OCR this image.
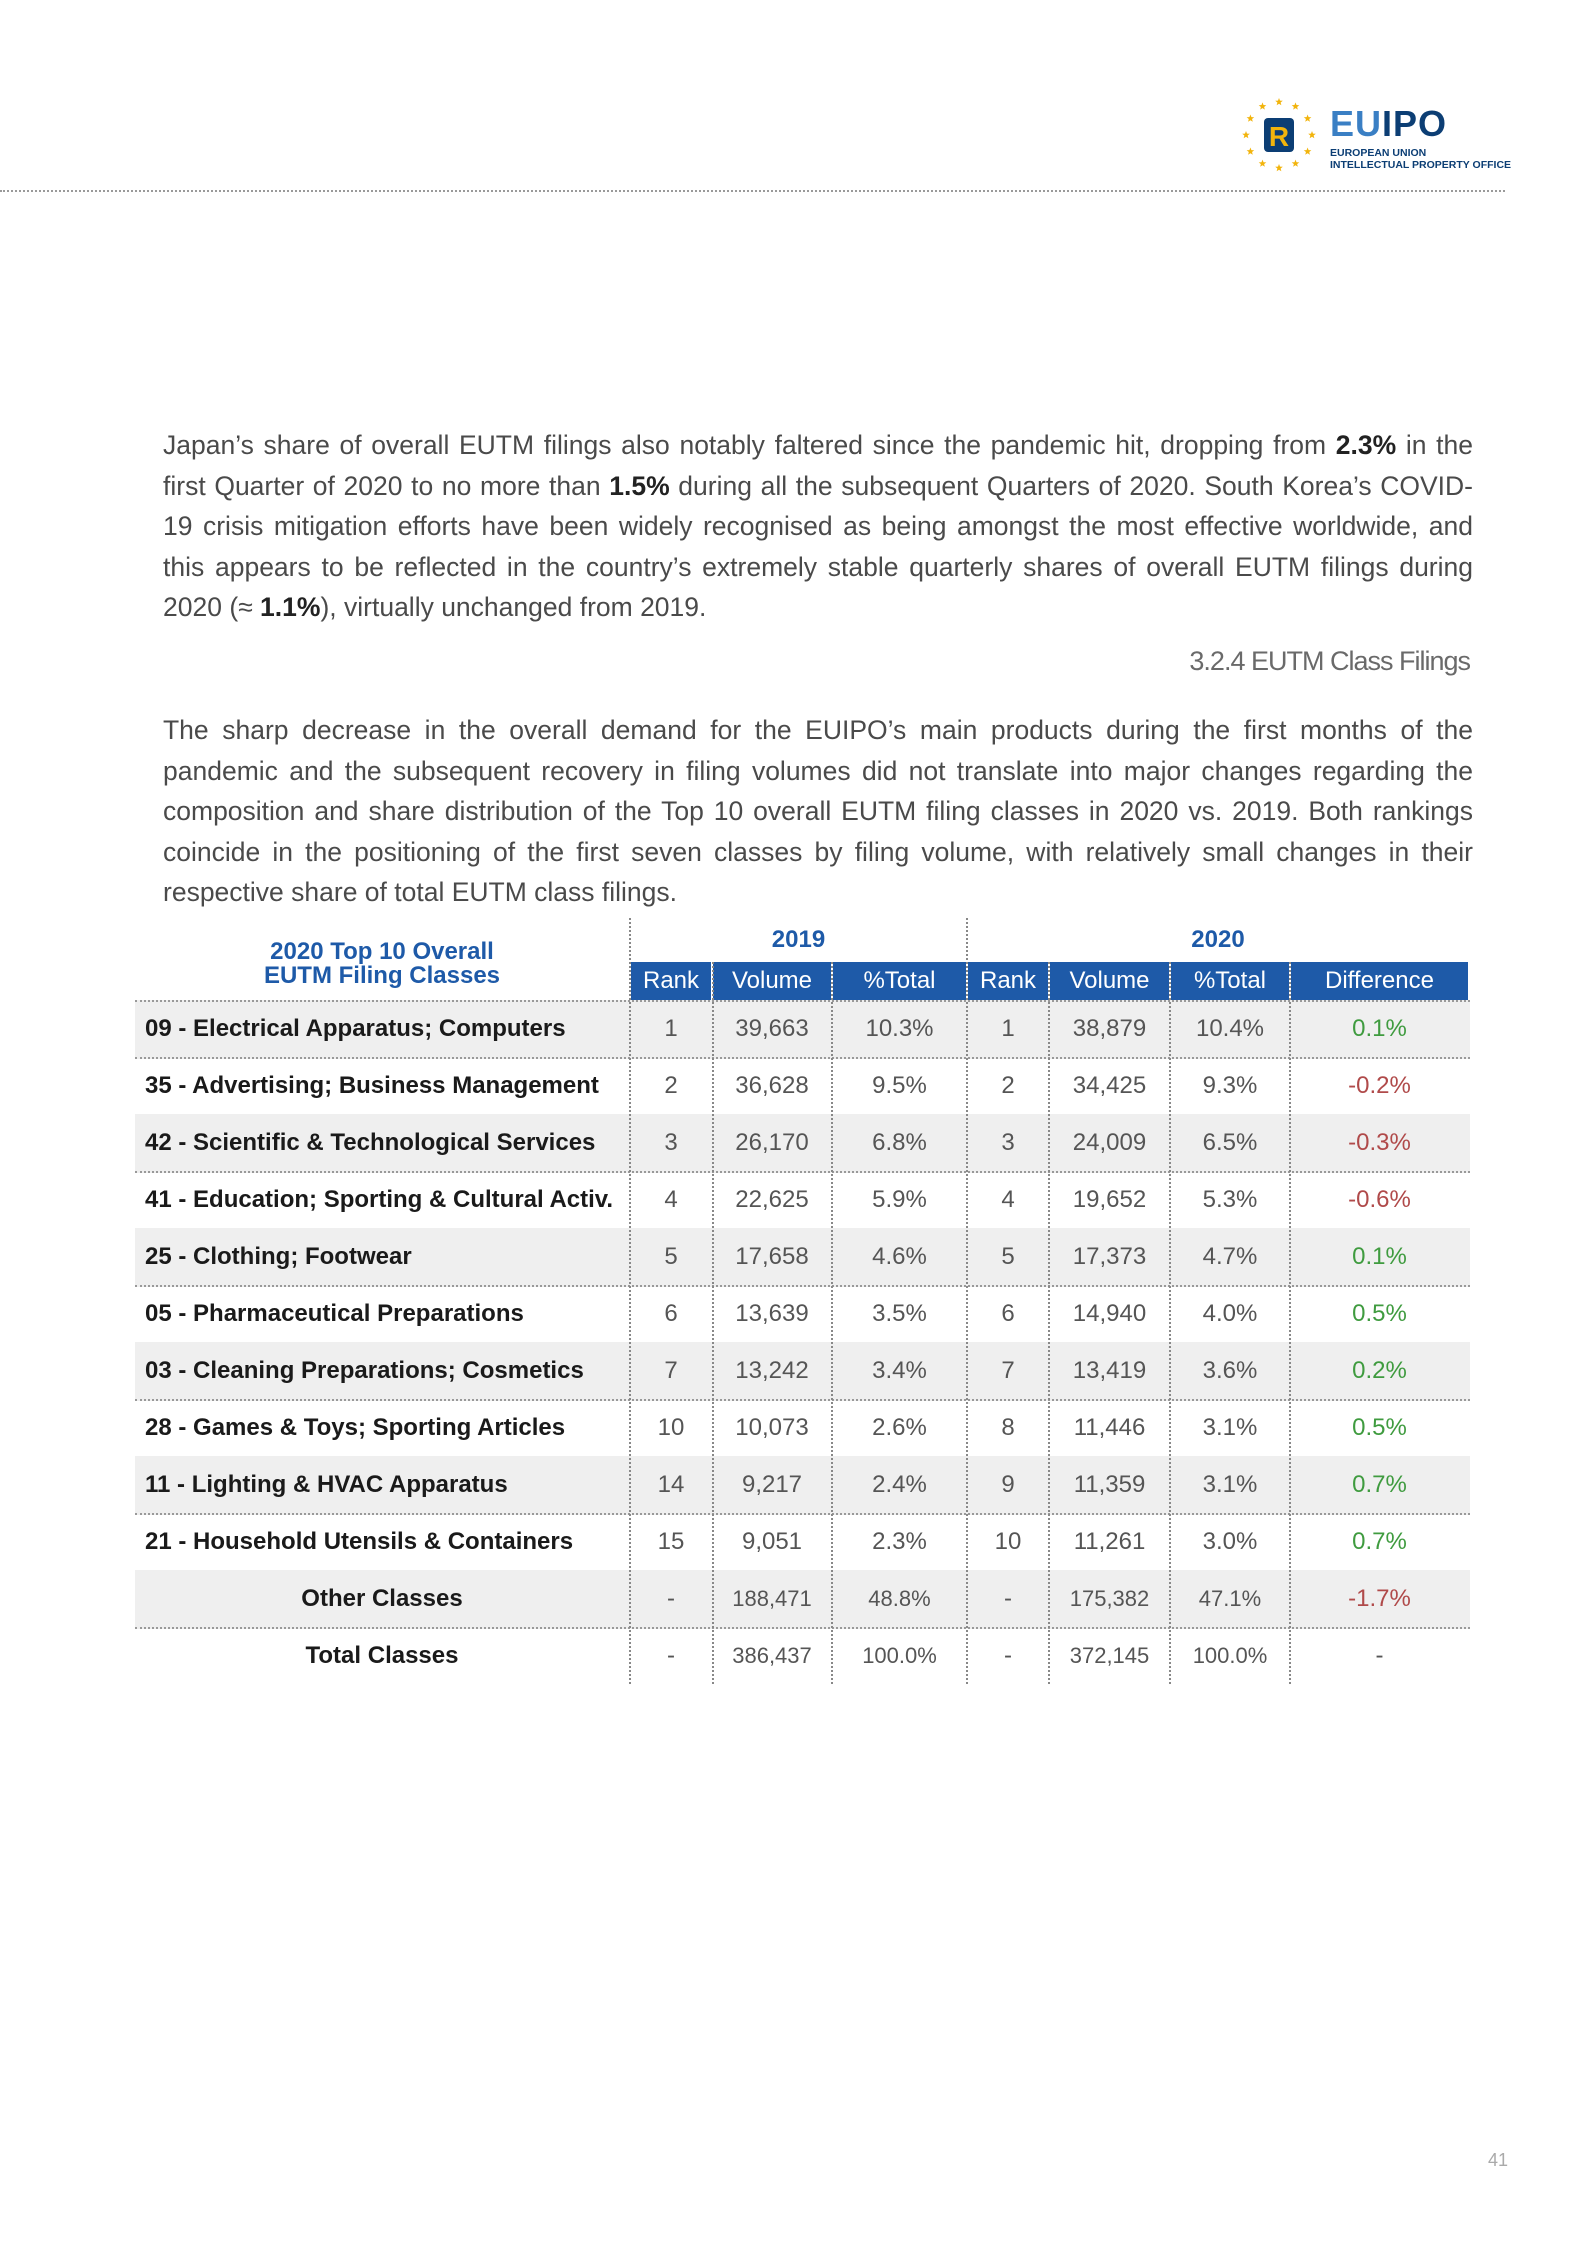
R EUIPO
EUROPEAN UNION
INTELLECTUAL PROPERTY OFFICE

Japan’s share of overall EUTM filings also notably faltered since the pandemic hit, dropping from 2.3% in the first Quarter of 2020 to no more than 1.5% during all the subsequent Quarters of 2020. South Korea’s COVID-19 crisis mitigation efforts have been widely recognised as being amongst the most effective worldwide, and this appears to be reflected in the country’s extremely stable quarterly shares of overall EUTM filings during 2020 (≈ 1.1%), virtually unchanged from 2019.

3.2.4 EUTM Class Filings

The sharp decrease in the overall demand for the EUIPO’s main products during the first months of the pandemic and the subsequent recovery in filing volumes did not translate into major changes regarding the composition and share distribution of the Top 10 overall EUTM filing classes in 2020 vs. 2019. Both rankings coincide in the positioning of the first seven classes by filing volume, with relatively small changes in their respective share of total EUTM class filings.

2020 Top 10 Overall
EUTM Filing Classes
2019	2020
Rank	Volume	%Total	Rank	Volume	%Total	Difference
09 - Electrical Apparatus; Computers	1	39,663	10.3%	1	38,879	10.4%	0.1%
35 - Advertising; Business Management	2	36,628	9.5%	2	34,425	9.3%	-0.2%
42 - Scientific & Technological Services	3	26,170	6.8%	3	24,009	6.5%	-0.3%
41 - Education; Sporting & Cultural Activ.	4	22,625	5.9%	4	19,652	5.3%	-0.6%
25 - Clothing; Footwear	5	17,658	4.6%	5	17,373	4.7%	0.1%
05 - Pharmaceutical Preparations	6	13,639	3.5%	6	14,940	4.0%	0.5%
03 - Cleaning Preparations; Cosmetics	7	13,242	3.4%	7	13,419	3.6%	0.2%
28 - Games & Toys; Sporting Articles	10	10,073	2.6%	8	11,446	3.1%	0.5%
11 - Lighting & HVAC Apparatus	14	9,217	2.4%	9	11,359	3.1%	0.7%
21 - Household Utensils & Containers	15	9,051	2.3%	10	11,261	3.0%	0.7%
Other Classes	-	188,471	48.8%	-	175,382	47.1%	-1.7%
Total Classes	-	386,437	100.0%	-	372,145	100.0%	-
41
